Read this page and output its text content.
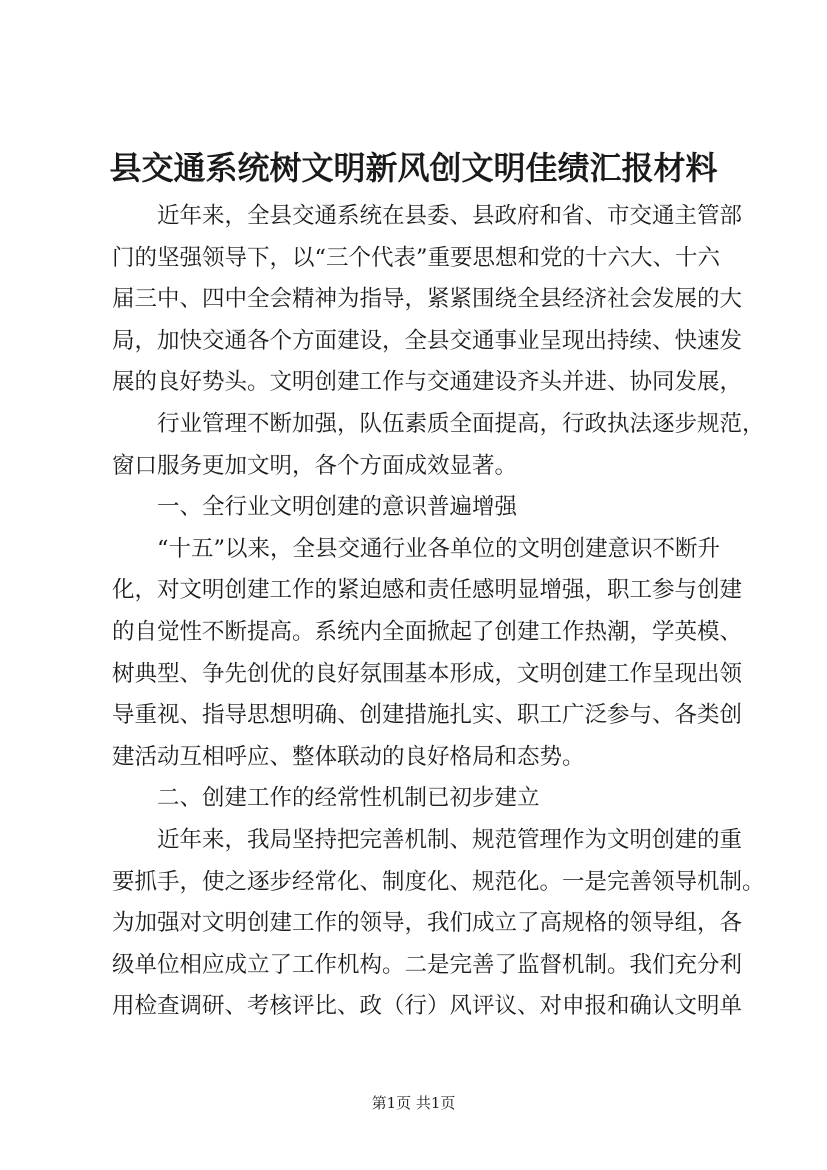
县交通系统树文明新风创文明佳绩汇报材料
近年来，全县交通系统在县委、县政府和省、市交通主管部
门的坚强领导下，以“三个代表”重要思想和党的十六大、十六
届三中、四中全会精神为指导，紧紧围绕全县经济社会发展的大
局，加快交通各个方面建设，全县交通事业呈现出持续、快速发
展的良好势头。文明创建工作与交通建设齐头并进、协同发展，
行业管理不断加强，队伍素质全面提高，行政执法逐步规范，
窗口服务更加文明，各个方面成效显著。
一、全行业文明创建的意识普遍增强
“十五”以来，全县交通行业各单位的文明创建意识不断升
化，对文明创建工作的紧迫感和责任感明显增强，职工参与创建
的自觉性不断提高。系统内全面掀起了创建工作热潮，学英模、
树典型、争先创优的良好氛围基本形成，文明创建工作呈现出领
导重视、指导思想明确、创建措施扎实、职工广泛参与、各类创
建活动互相呼应、整体联动的良好格局和态势。
二、创建工作的经常性机制已初步建立
近年来，我局坚持把完善机制、规范管理作为文明创建的重
要抓手，使之逐步经常化、制度化、规范化。一是完善领导机制。
为加强对文明创建工作的领导，我们成立了高规格的领导组，各
级单位相应成立了工作机构。二是完善了监督机制。我们充分利
用检查调研、考核评比、政（行）风评议、对申报和确认文明单
第1页 共1页
